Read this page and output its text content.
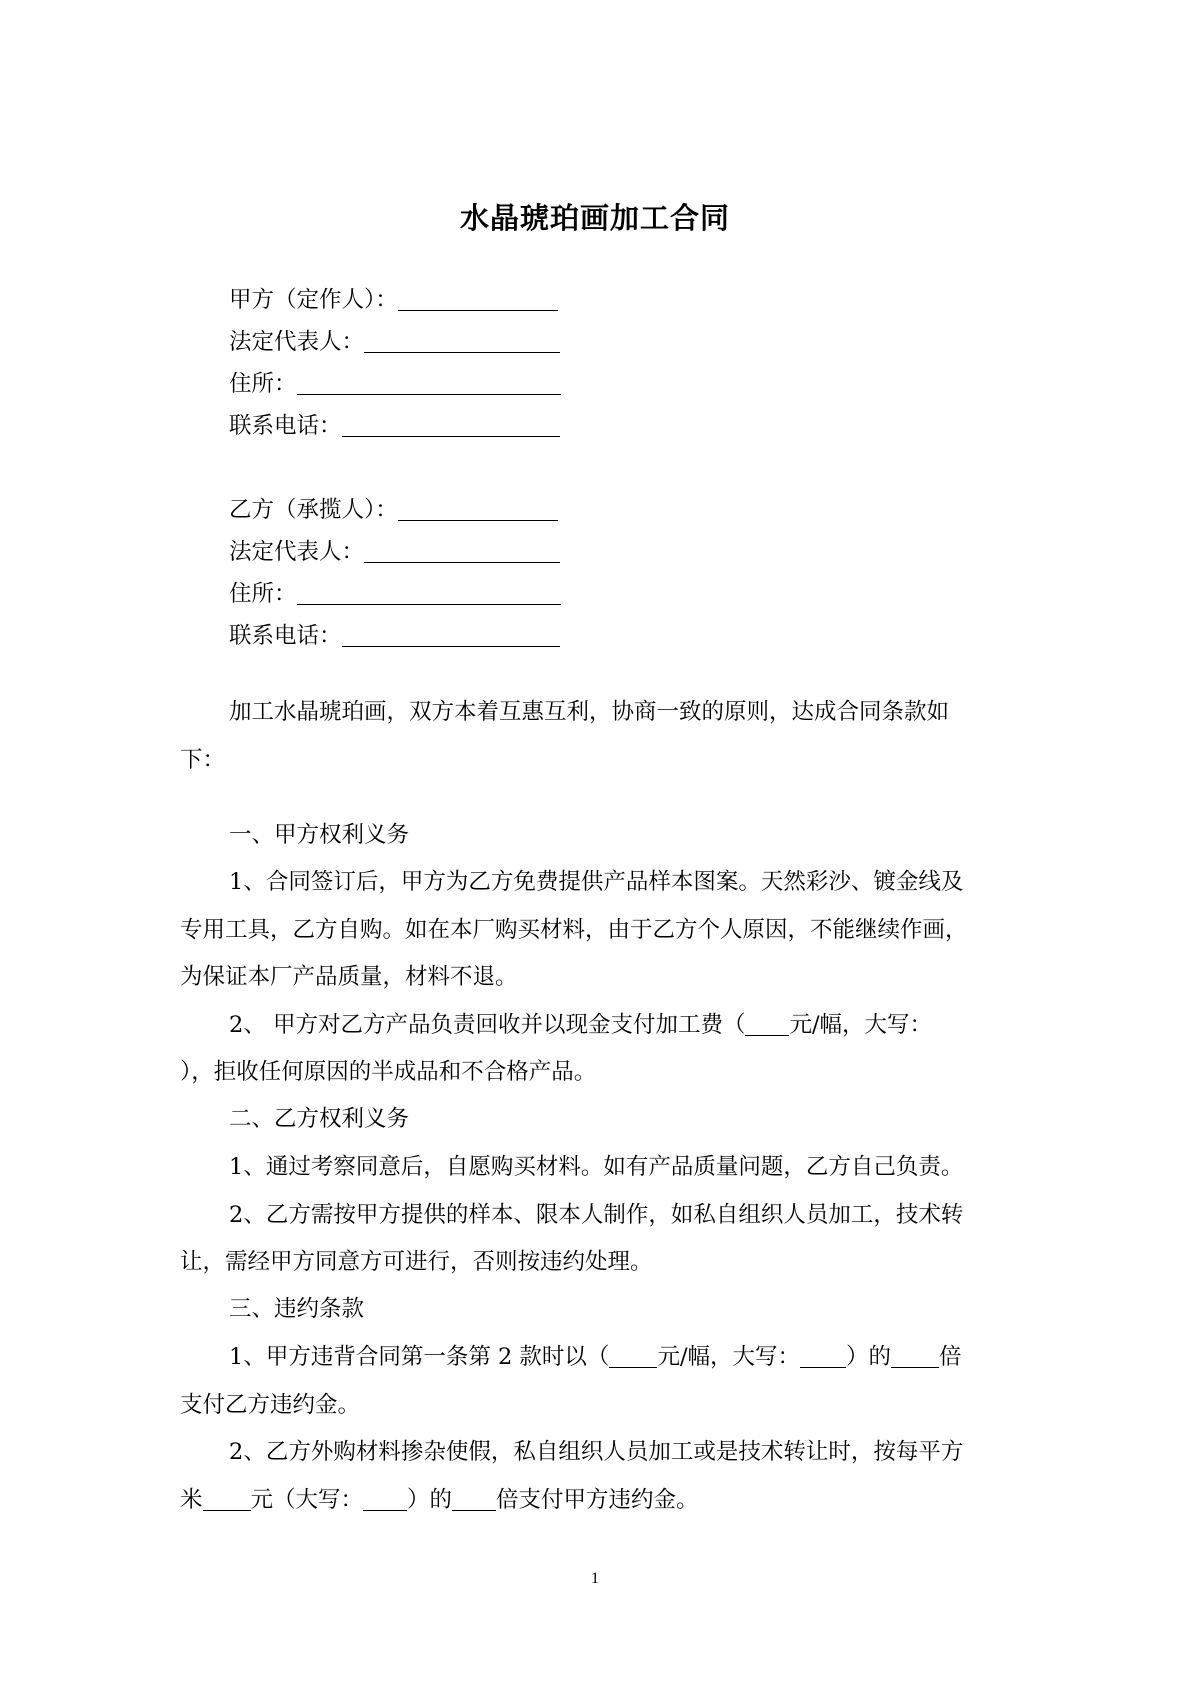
水晶琥珀画加工合同
甲方（定作人）：
法定代表人：
住所：
联系电话：
乙方（承揽人）：
法定代表人：
住所：
联系电话：
加工水晶琥珀画，双方本着互惠互利，协商一致的原则，达成合同条款如
下：
一、甲方权利义务
1、合同签订后，甲方为乙方免费提供产品样本图案。天然彩沙、镀金线及
专用工具，乙方自购。如在本厂购买材料，由于乙方个人原因，不能继续作画，
为保证本厂产品质量，材料不退。
2、 甲方对乙方产品负责回收并以现金支付加工费（ 元/幅，大写：
），拒收任何原因的半成品和不合格产品。
二、乙方权利义务
1、通过考察同意后，自愿购买材料。如有产品质量问题，乙方自己负责。
2、乙方需按甲方提供的样本、限本人制作，如私自组织人员加工，技术转
让，需经甲方同意方可进行，否则按违约处理。
三、违约条款
1、甲方违背合同第一条第 2 款时以（ 元/幅，大写： ）的 倍
支付乙方违约金。
2、乙方外购材料掺杂使假，私自组织人员加工或是技术转让时，按每平方
米 元（大写： ）的 倍支付甲方违约金。
1
